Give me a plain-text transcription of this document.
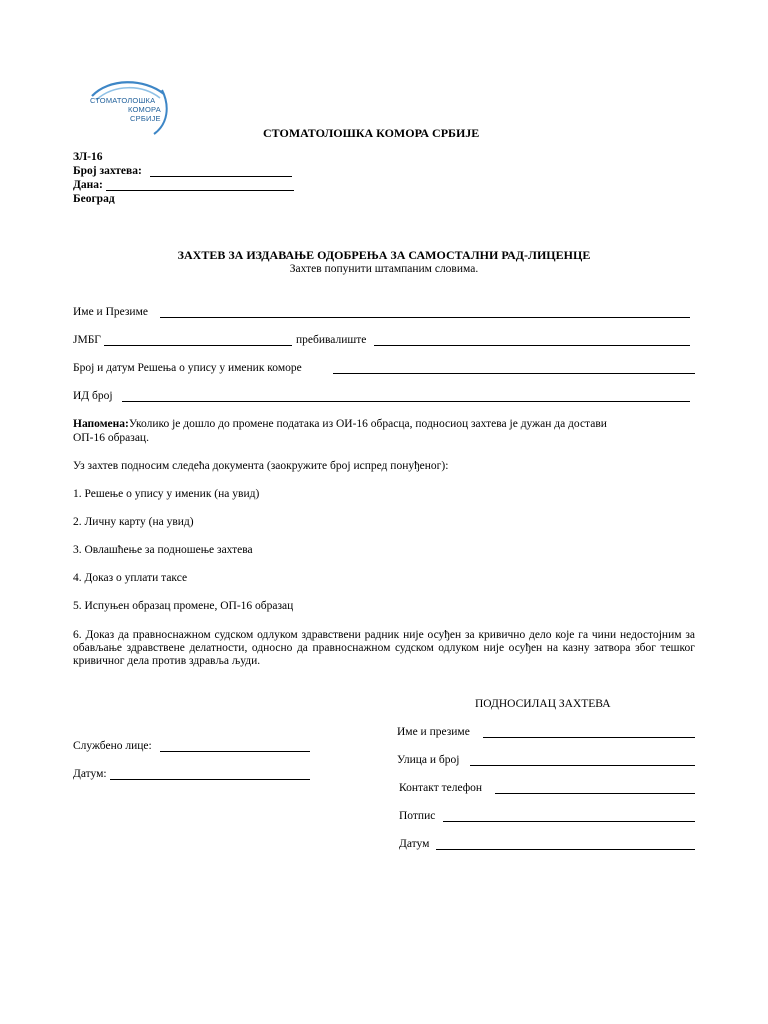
СТОМАТОЛОШКА
КОМОРА
СРБИЈЕ
СТОМАТОЛОШКА КОМОРА СРБИЈЕ
ЗЛ-16
Број захтева:
Дана:
Београд
ЗАХТЕВ ЗА ИЗДАВАЊЕ ОДОБРЕЊА ЗА САМОСТАЛНИ РАД-ЛИЦЕНЦЕ
Захтев попунити штампаним словима.
Име и Презиме
ЈМБГ	пребивалиште
Број и датум Решења о упису у именик коморе
ИД број
Напомена:Уколико је дошло до промене података из ОИ-16 обрасца, подносиоц захтева је дужан да достави
ОП-16 образац.
Уз захтев подносим следећа документа (заокружите број испред понуђеног):
1. Решење о упису у именик (на увид)
2. Личну карту (на увид)
3. Овлашћење за подношење захтева
4. Доказ о уплати таксе
5. Испуњен образац промене, ОП-16 образац
6. Доказ да правноснажном судском одлуком здравствени радник није осуђен за кривично дело које га чини недостојним за обављање здравствене делатности, односно да правноснажном судском одлуком није осуђен на казну затвора због тешког кривичног дела против здравља људи.
ПОДНОСИЛАЦ ЗАХТЕВА
Име и презиме
Улица и број
Контакт телефон
Потпис
Датум
Службено лице:
Датум:
